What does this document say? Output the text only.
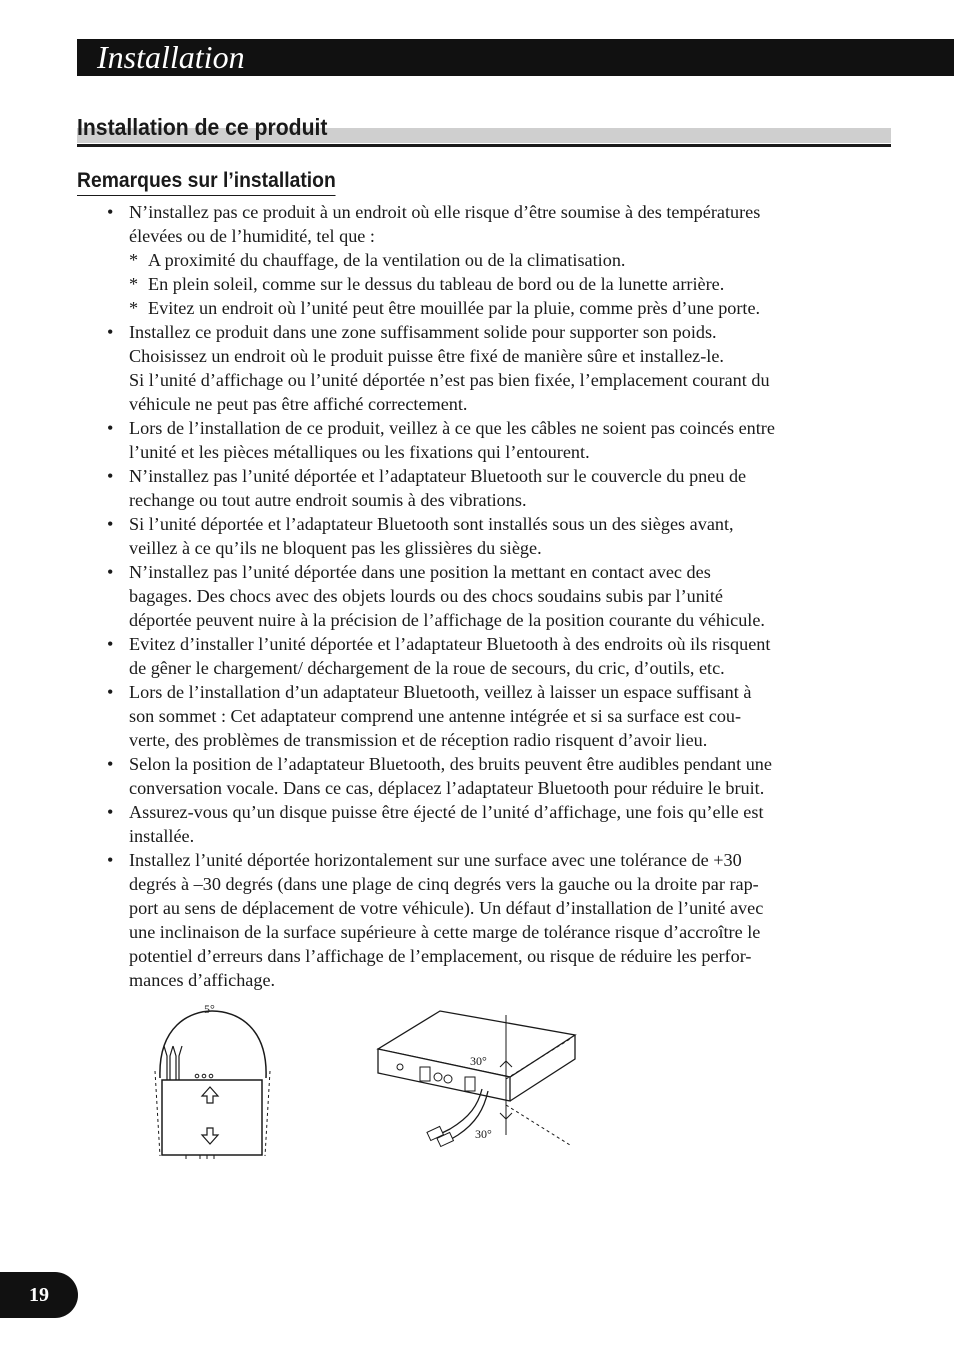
Installation
Installation de ce produit
Remarques sur l’installation
• N’installez pas ce produit à un endroit où elle risque d’être soumise à des températures
élevées ou de l’humidité, tel que :
* A proximité du chauffage, de la ventilation ou de la climatisation.
* En plein soleil, comme sur le dessus du tableau de bord ou de la lunette arrière.
* Evitez un endroit où l’unité peut être mouillée par la pluie, comme près d’une porte.
• Installez ce produit dans une zone suffisamment solide pour supporter son poids.
Choisissez un endroit où le produit puisse être fixé de manière sûre et installez-le.
Si l’unité d’affichage ou l’unité déportée n’est pas bien fixée, l’emplacement courant du
véhicule ne peut pas être affiché correctement.
• Lors de l’installation de ce produit, veillez à ce que les câbles ne soient pas coincés entre
l’unité et les pièces métalliques ou les fixations qui l’entourent.
• N’installez pas l’unité déportée et l’adaptateur Bluetooth sur le couvercle du pneu de
rechange ou tout autre endroit soumis à des vibrations.
• Si l’unité déportée et l’adaptateur Bluetooth sont installés sous un des sièges avant,
veillez à ce qu’ils ne bloquent pas les glissières du siège.
• N’installez pas l’unité déportée dans une position la mettant en contact avec des
bagages. Des chocs avec des objets lourds ou des chocs soudains subis par l’unité
déportée peuvent nuire à la précision de l’affichage de la position courante du véhicule.
• Evitez d’installer l’unité déportée et l’adaptateur Bluetooth à des endroits où ils risquent
de gêner le chargement/ déchargement de la roue de secours, du cric, d’outils, etc.
• Lors de l’installation d’un adaptateur Bluetooth, veillez à laisser un espace suffisant à
son sommet : Cet adaptateur comprend une antenne intégrée et si sa surface est cou-
verte, des problèmes de transmission et de réception radio risquent d’avoir lieu.
• Selon la position de l’adaptateur Bluetooth, des bruits peuvent être audibles pendant une
conversation vocale. Dans ce cas, déplacez l’adaptateur Bluetooth pour réduire le bruit.
• Assurez-vous qu’un disque puisse être éjecté de l’unité d’affichage, une fois qu’elle est
installée.
• Installez l’unité déportée horizontalement sur une surface avec une tolérance de +30
degrés à –30 degrés (dans une plage de cinq degrés vers la gauche ou la droite par rap-
port au sens de déplacement de votre véhicule). Un défaut d’installation de l’unité avec
une inclinaison de la surface supérieure à cette marge de tolérance risque d’accroître le
potentiel d’erreurs dans l’affichage de l’emplacement, ou risque de réduire les perfor-
mances d’affichage.
5°
30°
30°
19
